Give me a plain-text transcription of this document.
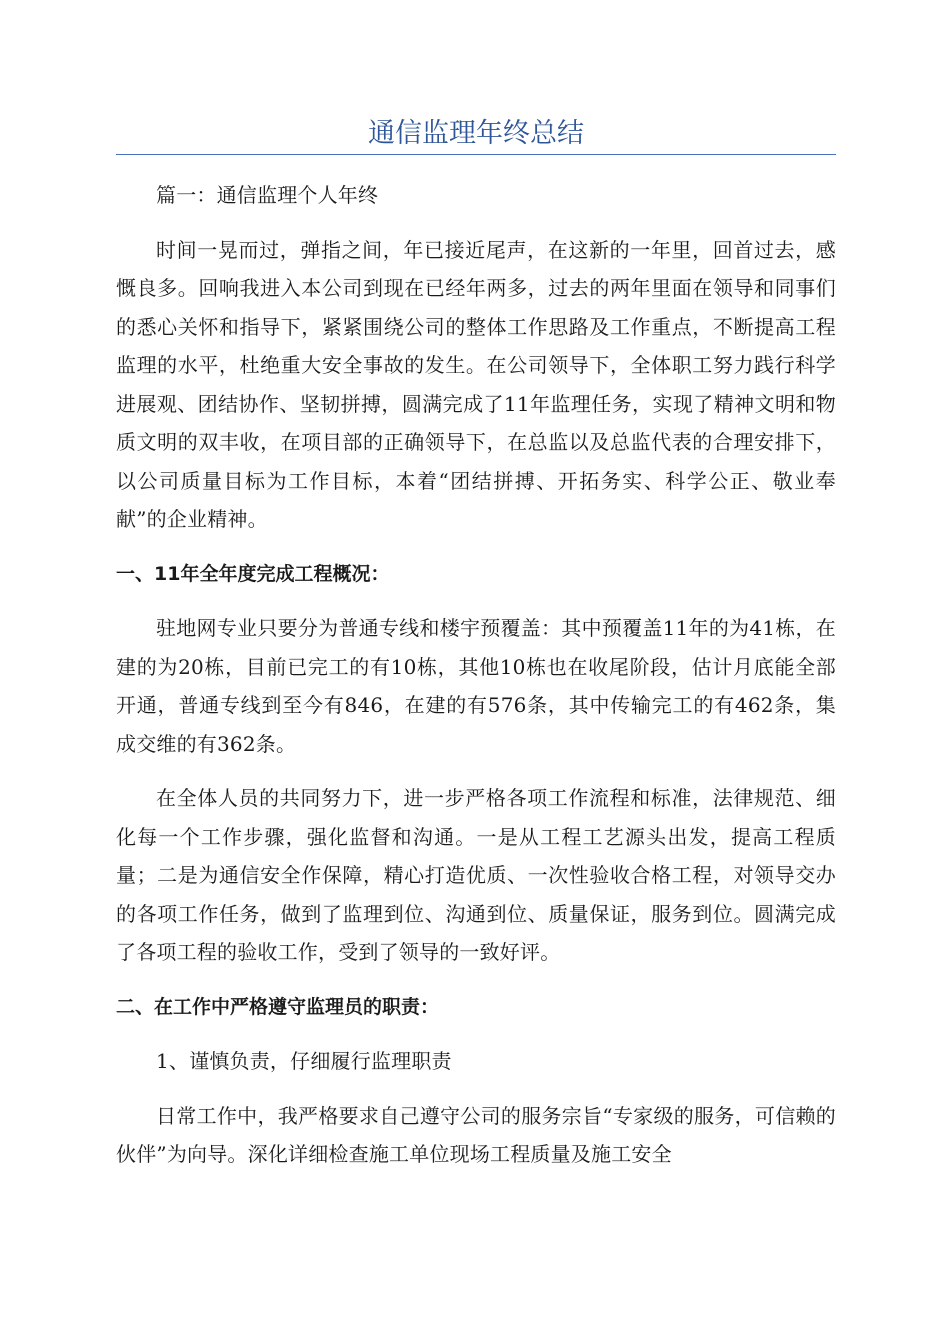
通信监理年终总结

篇一：通信监理个人年终

时间一晃而过，弹指之间，年已接近尾声，在这新的一年里，回首过去，感慨良多。回响我进入本公司到现在已经年两多，过去的两年里面在领导和同事们的悉心关怀和指导下，紧紧围绕公司的整体工作思路及工作重点，不断提高工程监理的水平，杜绝重大安全事故的发生。在公司领导下，全体职工努力践行科学进展观、团结协作、坚韧拼搏，圆满完成了11年监理任务，实现了精神文明和物质文明的双丰收，在项目部的正确领导下，在总监以及总监代表的合理安排下，以公司质量目标为工作目标，本着“团结拼搏、开拓务实、科学公正、敬业奉献”的企业精神。

一、11年全年度完成工程概况：

驻地网专业只要分为普通专线和楼宇预覆盖：其中预覆盖11年的为41栋，在建的为20栋，目前已完工的有10栋，其他10栋也在收尾阶段，估计月底能全部开通，普通专线到至今有846，在建的有576条，其中传输完工的有462条，集成交维的有362条。

在全体人员的共同努力下，进一步严格各项工作流程和标准，法律规范、细化每一个工作步骤，强化监督和沟通。一是从工程工艺源头出发，提高工程质量；二是为通信安全作保障，精心打造优质、一次性验收合格工程，对领导交办的各项工作任务，做到了监理到位、沟通到位、质量保证，服务到位。圆满完成了各项工程的验收工作，受到了领导的一致好评。

二、在工作中严格遵守监理员的职责：

1、谨慎负责，仔细履行监理职责

日常工作中，我严格要求自己遵守公司的服务宗旨“专家级的服务，可信赖的伙伴”为向导。深化详细检查施工单位现场工程质量及施工安全
